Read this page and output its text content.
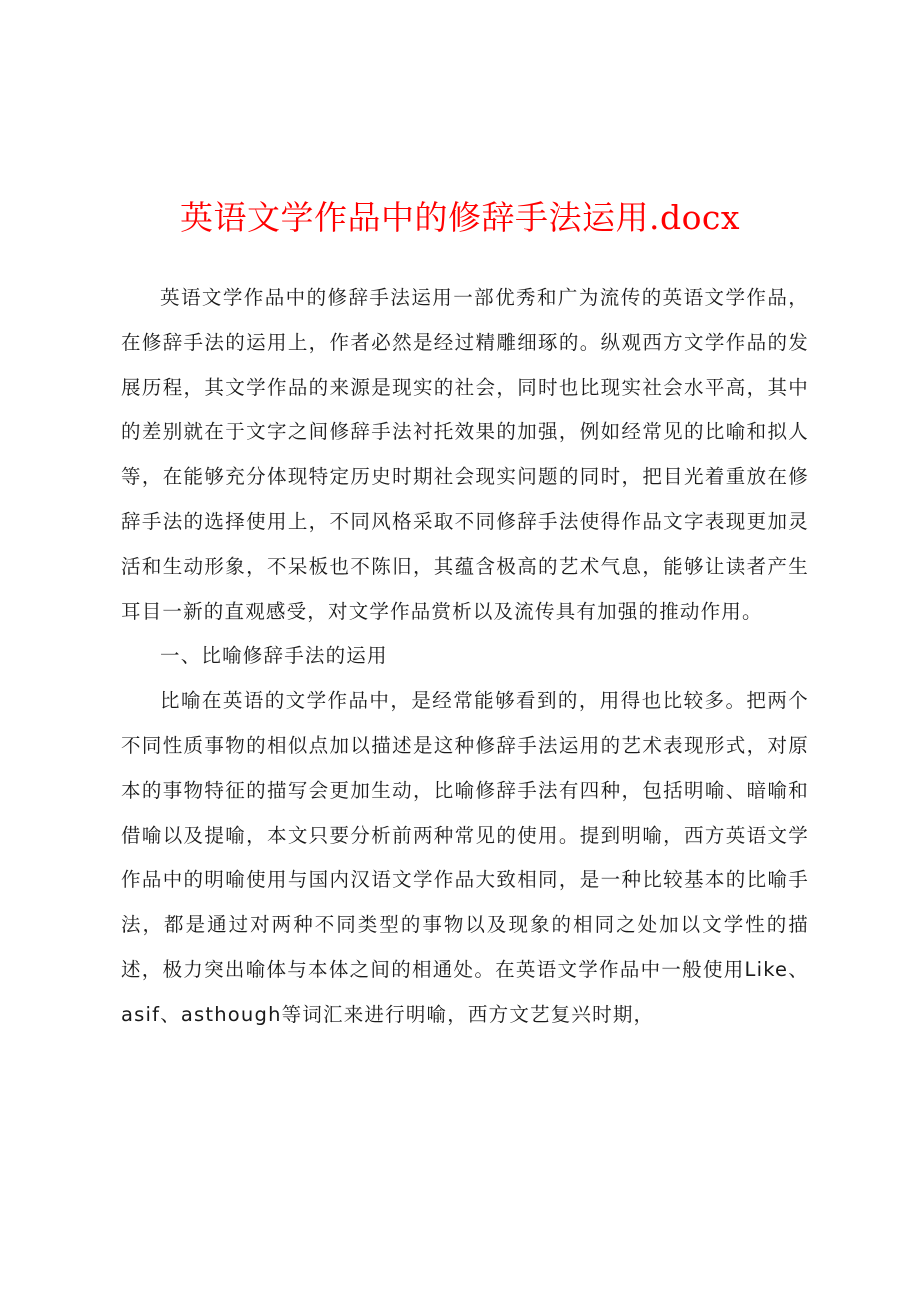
英语文学作品中的修辞手法运用.docx

英语文学作品中的修辞手法运用一部优秀和广为流传的英语文学作品，在修辞手法的运用上，作者必然是经过精雕细琢的。纵观西方文学作品的发展历程，其文学作品的来源是现实的社会，同时也比现实社会水平高，其中的差别就在于文字之间修辞手法衬托效果的加强，例如经常见的比喻和拟人等，在能够充分体现特定历史时期社会现实问题的同时，把目光着重放在修辞手法的选择使用上，不同风格采取不同修辞手法使得作品文字表现更加灵活和生动形象，不呆板也不陈旧，其蕴含极高的艺术气息，能够让读者产生耳目一新的直观感受，对文学作品赏析以及流传具有加强的推动作用。

一、比喻修辞手法的运用

比喻在英语的文学作品中，是经常能够看到的，用得也比较多。把两个不同性质事物的相似点加以描述是这种修辞手法运用的艺术表现形式，对原本的事物特征的描写会更加生动，比喻修辞手法有四种，包括明喻、暗喻和借喻以及提喻，本文只要分析前两种常见的使用。提到明喻，西方英语文学作品中的明喻使用与国内汉语文学作品大致相同，是一种比较基本的比喻手法，都是通过对两种不同类型的事物以及现象的相同之处加以文学性的描述，极力突出喻体与本体之间的相通处。在英语文学作品中一般使用Like、asif、asthough等词汇来进行明喻，西方文艺复兴时期，
